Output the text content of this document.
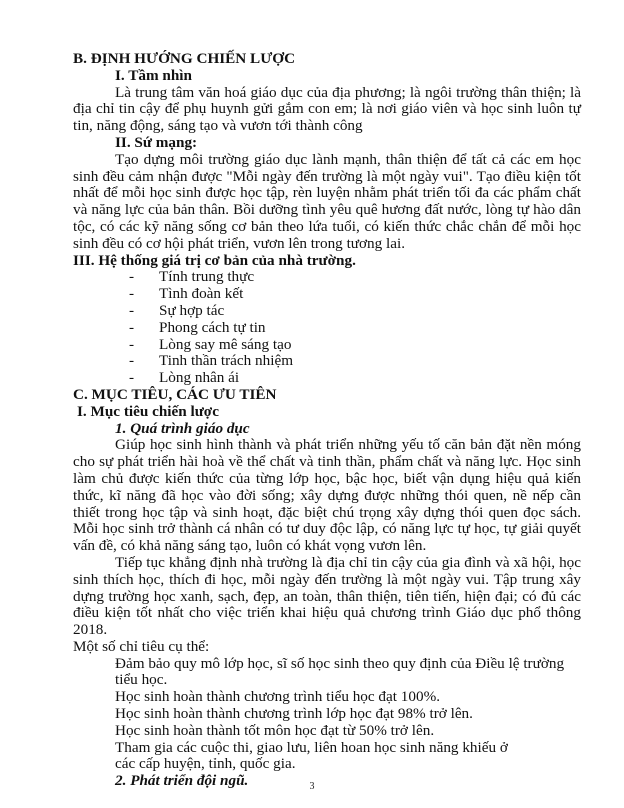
B. ĐỊNH HƯỚNG CHIẾN LƯỢC
I. Tầm nhìn

Là trung tâm văn hoá giáo dục của địa phương; là ngôi trường thân thiện; là địa chỉ tin cậy để phụ huynh gửi gắm con em; là nơi giáo viên và học sinh luôn tự tin, năng động, sáng tạo và vươn tới thành công

II. Sứ mạng:

Tạo dựng môi trường giáo dục lành mạnh, thân thiện để tất cả các em học sinh đều cảm nhận được "Mỗi ngày đến trường là một ngày vui". Tạo điều kiện tốt nhất để mỗi học sinh được học tập, rèn luyện nhằm phát triển tối đa các phẩm chất và năng lực của bản thân. Bồi dưỡng tình yêu quê hương đất nước, lòng tự hào dân tộc, có các kỹ năng sống cơ bản theo lứa tuổi, có kiến thức chắc chắn để mỗi học sinh đều có cơ hội phát triển, vươn lên trong tương lai.

III. Hệ thống giá trị cơ bản của nhà trường.
- Tính trung thực
- Tình đoàn kết
- Sự hợp tác
- Phong cách tự tin
- Lòng say mê sáng tạo
- Tinh thần trách nhiệm
- Lòng nhân ái
C. MỤC TIÊU, CÁC ƯU TIÊN
I. Mục tiêu chiến lược
1. Quá trình giáo dục

Giúp học sinh hình thành và phát triển những yếu tố căn bản đặt nền móng cho sự phát triển hài hoà về thể chất và tinh thần, phẩm chất và năng lực. Học sinh làm chủ được kiến thức của từng lớp học, bậc học, biết vận dụng hiệu quả kiến thức, kĩ năng đã học vào đời sống; xây dựng được những thói quen, nề nếp cần thiết trong học tập và sinh hoạt, đặc biệt chú trọng xây dựng thói quen đọc sách. Mỗi học sinh trở thành cá nhân có tư duy độc lập, có năng lực tự học, tự giải quyết vấn đề, có khả năng sáng tạo, luôn có khát vọng vươn lên.

Tiếp tục khẳng định nhà trường là địa chỉ tin cậy của gia đình và xã hội, học sinh thích học, thích đi học, mỗi ngày đến trường là một ngày vui. Tập trung xây dựng trường học xanh, sạch, đẹp, an toàn, thân thiện, tiên tiến, hiện đại; có đủ các điều kiện tốt nhất cho việc triển khai hiệu quả chương trình Giáo dục phổ thông 2018.

Một số chỉ tiêu cụ thể:

Đảm bảo quy mô lớp học, sĩ số học sinh theo quy định của Điều lệ trường tiểu học.
Học sinh hoàn thành chương trình tiểu học đạt 100%.
Học sinh hoàn thành chương trình lớp học đạt 98% trở lên.
Học sinh hoàn thành tốt môn học đạt từ 50% trở lên.
Tham gia các cuộc thi, giao lưu, liên hoan học sinh năng khiếu ở các cấp huyện, tỉnh, quốc gia.
2. Phát triển đội ngũ.	3
